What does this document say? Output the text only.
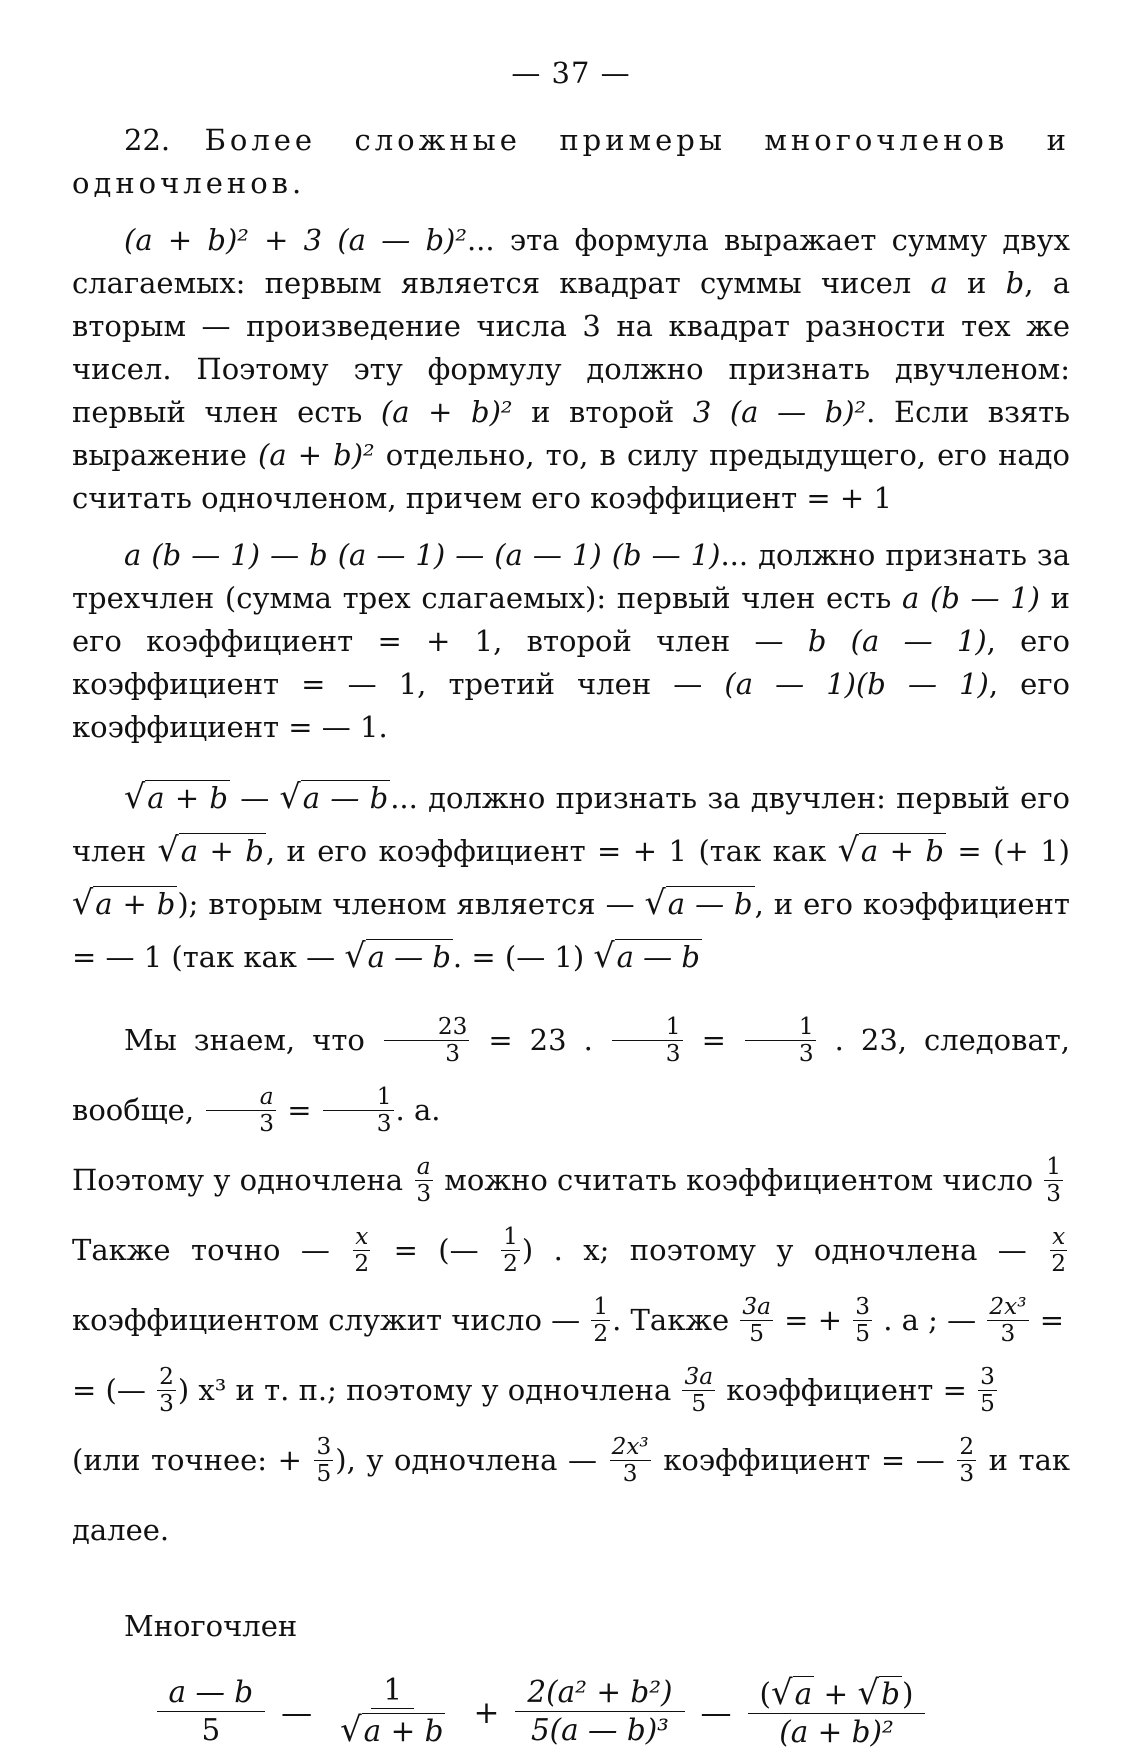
— 37 —

22. Более сложные примеры многочленов и одночленов.

(a + b)² + 3 (a — b)²... эта формула выражает сумму двух слагаемых: первым является квадрат суммы чисел a и b, а вторым — произведение числа 3 на квадрат разности тех же чисел. Поэтому эту формулу должно признать двучленом: первый член есть (a + b)² и второй 3 (a — b)². Если взять выражение (a + b)² отдельно, то, в силу предыдущего, его надо считать одночленом, причем его коэффициент = + 1

a (b — 1) — b (a — 1) — (a — 1) (b — 1)... должно признать за трехчлен (сумма трех слагаемых): первый член есть a (b — 1) и его коэффициент = + 1, второй член — b (a — 1), его коэффициент = — 1, третий член — (a — 1)(b — 1), его коэффициент = — 1.

√a + b — √a — b... должно признать за двучлен: первый его член √a + b, и его коэффициент = + 1 (так как √a + b = (+ 1) √a + b); вторым членом является — √a — b, и его коэффициент = — 1 (так как — √a — b. = (— 1) √a — b

Мы знаем, что $\frac{23}{3} = 23$ . $\frac{1}{3} = \frac{1}{3}$ . 23, следоват, вообще, $\frac{a}{3} = \frac{1}{3}$ . a.
Поэтому у одночлена $\frac{a}{3}$ можно считать коэффициентом число $\frac{1}{3}$
Также точно — $\frac{x}{2}$ = (— $\frac{1}{2}$ ) . x; поэтому у одночлена — $\frac{x}{2}$
коэффициентом служит число — $\frac{1}{2}$ . Также $\frac{3a}{5}$ = + $\frac{3}{5}$ . a ; — $\frac{\text{2x³}}{3}$ =
= (— $\frac{2}{3}$ ) x³ и т. п.; поэтому у одночлена $\frac{3a}{5}$ коэффициент = $\frac{3}{5}$
(или точнее: + $\frac{3}{5}$ ), у одночлена — $\frac{\text{2x³}}{3}$ коэффициент = — $\frac{2}{3}$ и так далее.

Многочлен

$\frac{a — b}{5}$ — $\frac{1}{√a + b} + \frac{\text{2(a² + b²)}}{\text{5(a — b)³}}$ — $\frac{(√a + √b)}{\text{(a + b)²}}$
